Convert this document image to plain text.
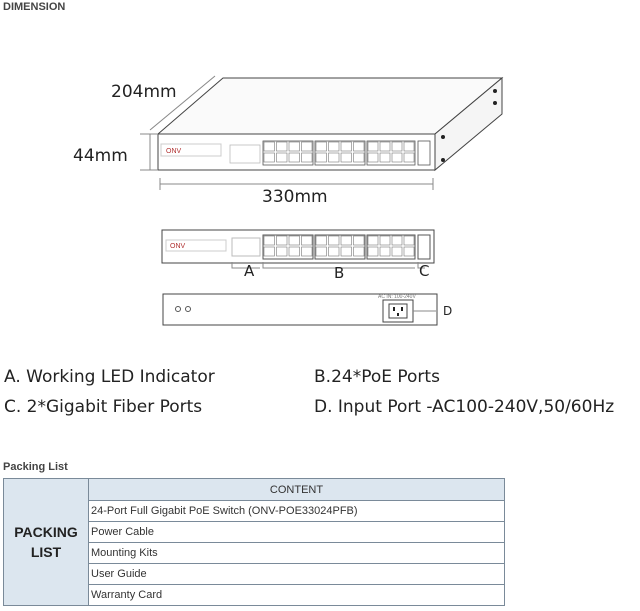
DIMENSION
ONV
ONV
204mm
44mm
330mm
A	B	C
AC IN: 100-240V
D
A. Working LED Indicator	B.24*PoE Ports
C. 2*Gigabit Fiber Ports	D. Input Port -AC100-240V,50/60Hz
Packing List
PACKING
LIST
	CONTENT
24-Port Full Gigabit PoE Switch (ONV-POE33024PFB)
Power Cable
Mounting Kits
User Guide
Warranty Card
